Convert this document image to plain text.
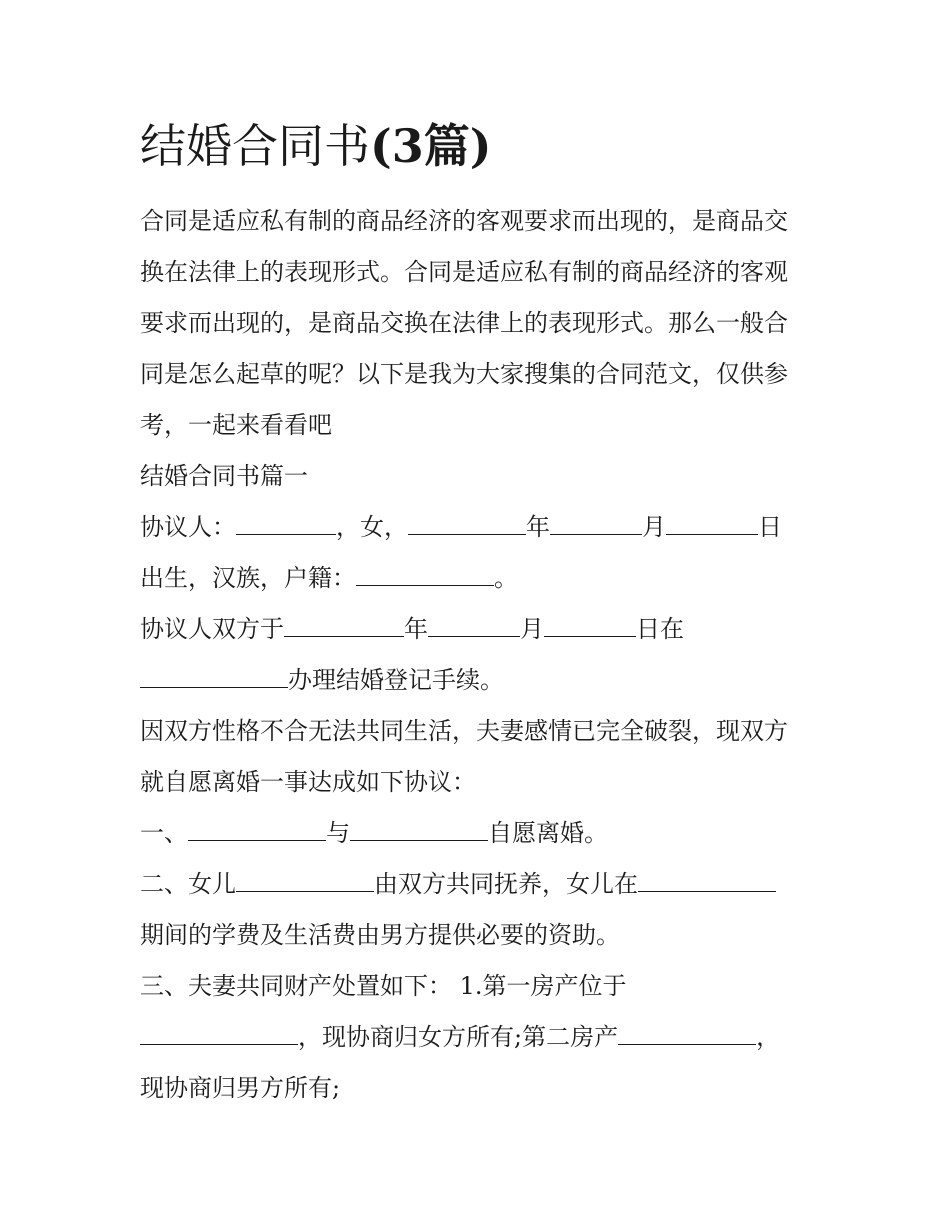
结婚合同书(3篇)
合同是适应私有制的商品经济的客观要求而出现的，是商品交
换在法律上的表现形式。合同是适应私有制的商品经济的客观
要求而出现的，是商品交换在法律上的表现形式。那么一般合
同是怎么起草的呢？以下是我为大家搜集的合同范文，仅供参
考，一起来看看吧
结婚合同书篇一
协议人：	，女，	年	月	日
出生，汉族，户籍：	。
协议人双方于	年	月	日在
办理结婚登记手续。
因双方性格不合无法共同生活，夫妻感情已完全破裂，现双方
就自愿离婚一事达成如下协议：
一、	与	自愿离婚。
二、女儿	由双方共同抚养，女儿在
期间的学费及生活费由男方提供必要的资助。
三、夫妻共同财产处置如下： 1.第一房产位于
，现协商归女方所有;第二房产	，
现协商归男方所有;
